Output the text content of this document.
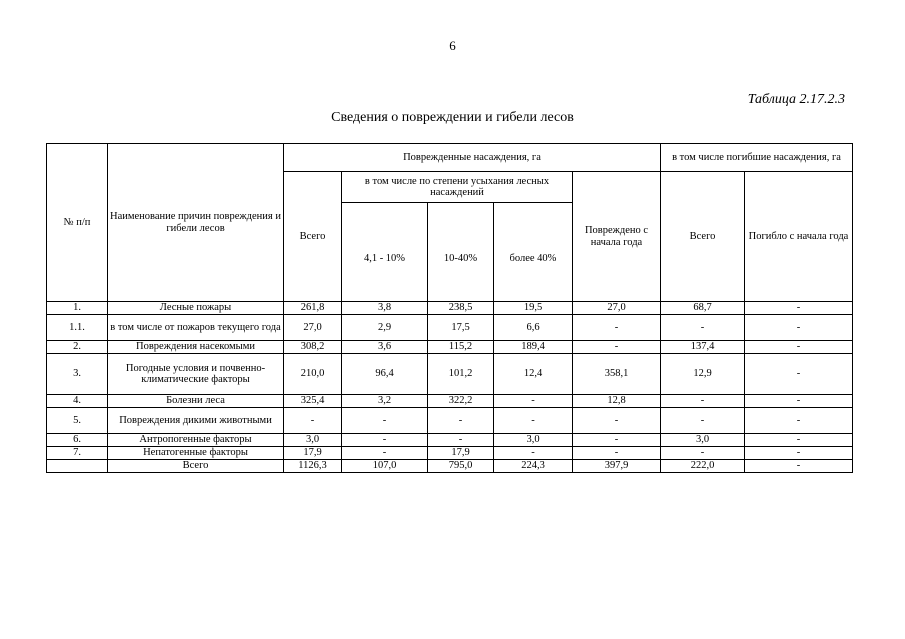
6
Таблица 2.17.2.3
Сведения о повреждении и гибели лесов
№ п/п	Наименование причин повреждения и гибели лесов	Поврежденные насаждения, га					в том числе погибшие насаждения, га	
		Всего	в том числе по степени усыхания лесных насаждений			Повреждено с начала года	Всего	Погибло с начала года
			4,1 - 10%	10-40%	более 40%			
1.	Лесные пожары	261,8	3,8	238,5	19,5	27,0	68,7	-
1.1.	в том числе от пожаров текущего года	27,0	2,9	17,5	6,6	-	-	-
2.	Повреждения насекомыми	308,2	3,6	115,2	189,4	-	137,4	-
3.	Погодные условия и почвенно-климатические факторы	210,0	96,4	101,2	12,4	358,1	12,9	-
4.	Болезни леса	325,4	3,2	322,2	-	12,8	-	-
5.	Повреждения дикими животными	-	-	-	-	-	-	-
6.	Антропогенные факторы	3,0	-	-	3,0	-	3,0	-
7.	Непатогенные факторы	17,9	-	17,9	-	-	-	-
	Всего	1126,3	107,0	795,0	224,3	397,9	222,0	-
